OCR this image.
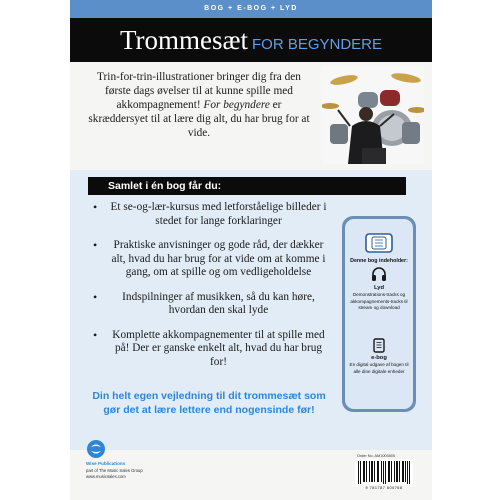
BOG + E-BOG + LYD
Trommesæt FOR BEGYNDERE
Trin-for-trin-illustrationer bringer dig fra den første dags øvelser til at kunne spille med akkompagnement! For begyndere er skræddersyet til at lære dig alt, du har brug for at vide.
Samlet i én bog får du:
• Et se-og-lær-kursus med letforståelige billeder i stedet for lange forklaringer
• Praktiske anvisninger og gode råd, der dækker alt, hvad du har brug for at vide om at komme i gang, om at spille og om vedligeholdelse
• Indspilninger af musikken, så du kan høre, hvordan den skal lyde
• Komplette akkompagnementer til at spille med på! Der er ganske enkelt alt, hvad du har brug for!
Din helt egen vejledning til dit trommesæt som gør det at lære lettere end nogensinde før!
Denne bog indeholder:
Lyd
Demonstrations-tracks og akkompagnements-tracks til stream og download
e-bog
En digital udgave af bogen til alle dine digitale enheder
Wise Publications
part of The Music Sales Group
www.musicsales.com
Order No. AM1003805
9 781787 600768
